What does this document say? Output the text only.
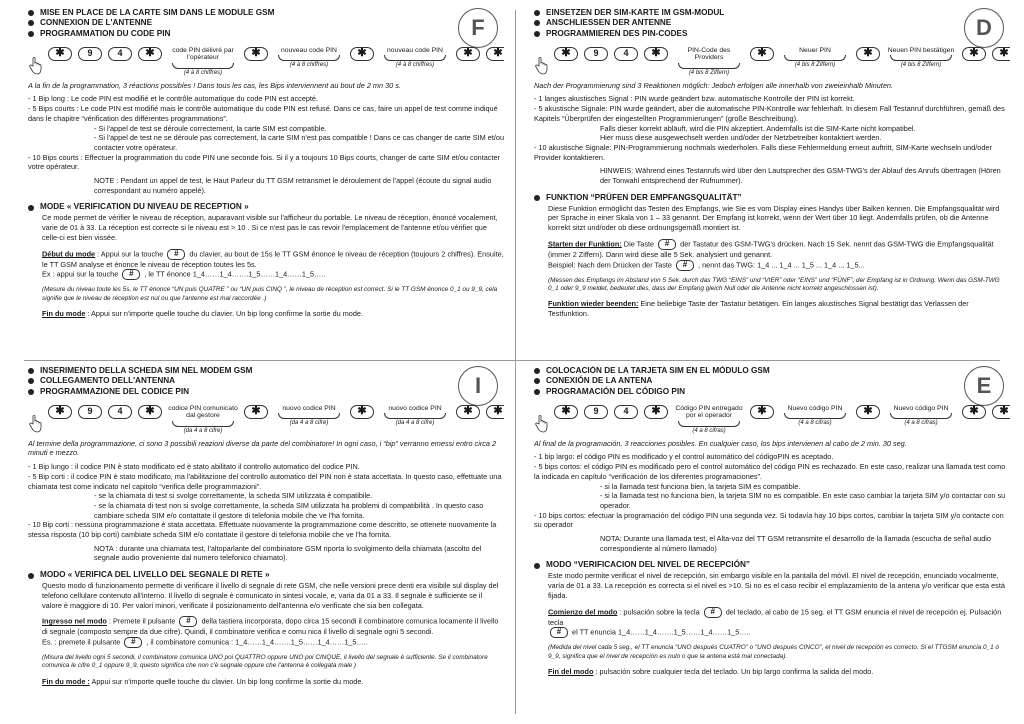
F
MISE EN PLACE DE LA CARTE SIM DANS LE MODULE GSM
CONNEXION DE L'ANTENNE
PROGRAMMATION DU CODE PIN
✱	9	4	✱	code PIN délivré par l'opérateur
(4 à 8 chiffres)
✱	nouveau code PIN
(4 à 8 chiffres)
✱	nouveau code PIN
(4 à 8 chiffres)
✱	✱

A la fin de la programmation, 3 réactions possibles ! Dans tous les cas, les Bips interviennent au bout de 2 mn 30 s.

- 1 Bip long : Le code PIN est modifié et le contrôle automatique du code PIN est accepté.

- 5 Bips courts : Le code PIN est modifié mais le contrôle automatique du code PIN est refusé. Dans ce cas, faire un appel de test comme indiqué dans le chapitre “vérification des différentes programmations”.

- Si l'appel de test se déroule correctement, la carte SIM est compatible.

- Si l'appel de test ne se déroule pas correctement, la carte SIM n'est pas compatible ! Dans ce cas changer de carte SIM et/ou contacter votre opérateur.

- 10 Bips courts : Effectuer la programmation du code PIN une seconde fois. Si il y a toujours 10 Bips courts, changer de carte SIM et/ou contacter votre opérateur.

NOTE : Pendant un appel de test, le Haut Parleur du TT GSM retransmet le déroulement de l'appel (écoute du signal audio correspondant au numéro appelé).

MODE « VERIFICATION DU NIVEAU DE RECEPTION »

Ce mode permet de vérifier le niveau de réception, auparavant visible sur l'afficheur du portable. Le niveau de réception, énoncé vocalement, varie de 01 à 33. La réception est correcte si le niveau est > 10 . Si ce n'est pas le cas revoir l'emplacement de l'antenne et/ou vérifier que celle-ci est bien vissée.

Début du mode : Appui sur la touche # du clavier, au bout de 15s le TT GSM énonce le niveau de réception (toujours 2 chiffres). Ensuite, le TT GSM analyse et énonce le niveau de réception toutes les 5s.

Ex : appui sur la touche # , le TT énonce 1_4……1_4…….1_5……1_4……1_5…..

(Mesure du niveau toute les 5s, le TT énonce “UN puis QUATRE ” ou “UN puis CINQ ”, le niveau de réception est correct. Si le TT GSM énonce 0_1 ou 9_9, cela signifie que le niveau de réception est nul ou que l'antenne est mal raccordée .)

Fin du mode : Appui sur n'importe quelle touche du clavier. Un bip long confirme la sortie du mode.

D
EINSETZEN DER SIM-KARTE IM GSM-MODUL
ANSCHLIESSEN DER ANTENNE
PROGRAMMIEREN DES PIN-CODES
✱	9	4	✱	PIN-Code des Providers
(4 bis 8 Ziffern)
✱	Neuer PIN
(4 bis 8 Ziffern)
✱	Neuen PIN bestätigen
(4 bis 8 Ziffern)
✱	✱

Nach der Programmierung sind 3 Reaktionen möglich: Jedoch erfolgen alle innerhalb von zweieinhalb Minuten.

- 1 langes akustisches Signal : PIN wurde geändert bzw. automatische Kontrolle der PIN ist korrekt.

- 5 akustische Signale: PIN wurde geändert, aber die automatische PIN-Kontrolle war fehlerhaft. In diesem Fall Testanruf durchführen, gemäß des Kapitels “Überprüfen der eingestellten Programmierungen” (große Beschreibung).

Falls dieser korrekt abläuft, wird die PIN akzeptiert. Andernfalls ist die SIM-Karte nicht kompatibel.

Hier muss diese ausgewechselt werden und/oder der Netzbetreiber kontaktiert werden.

- 10 akustische Signale: PIN-Programmierung nochmals wiederholen. Falls diese Fehlermeldung erneut auftritt, SIM-Karte wechseln und/oder Provider kontaktieren.

HINWEIS: Während eines Testanrufs wird über den Lautsprecher des GSM-TWG's der Ablauf des Anrufs übertragen (Hören der Tonwahl entsprechend der Rufnummer).

FUNKTION “PRÜFEN DER EMPFANGSQUALITÄT”

Diese Funktion ermöglicht das Testen des Empfangs, wie Sie es vom Display eines Handys über Balken kennen. Die Empfangsqualität wird per Sprache in einer Skala von 1 – 33 genannt. Der Empfang ist korrekt, wenn der Wert über 10 liegt. Andernfalls prüfen, ob die Antenne korrekt sitzt und/oder ob diese ordnungsgemäß montiert ist.

Starten der Funktion: Die Taste # der Tastatur des GSM-TWG's drücken. Nach 15 Sek. nennt das GSM-TWG die Empfangsqualität (immer 2 Ziffern). Dann wird diese alle 5 Sek. analysiert und genannt.

Beispiel: Nach dem Drücken der Taste # , nennt das TWG: 1_4 ... 1_4 ... 1_5 ... 1_4 ... 1_5...

(Messen des Empfangs im Abstand von 5 Sek. durch das TWG “EINS” und “VIER” oder “EINS” und “FÜNF”, der Empfang ist in Ordnung. Wenn das GSM-TWG 0_1 oder 9_9 meldet, bedeutet dies, dass der Empfang gleich Null oder die Antenne nicht korrekt angeschlossen ist).

Funktion wieder beenden: Eine beliebige Taste der Tastatur betätigen. Ein langes akustisches Signal bestätigt das Verlassen der Testfunktion.

I
INSERIMENTO DELLA SCHEDA SIM NEL MODEM GSM
COLLEGAMENTO DELL'ANTENNA
PROGRAMMAZIONE DEL CODICE PIN
✱	9	4	✱	codice PIN comunicato dal gestore
(da 4 a 8 cifre)
✱	nuovo codice PIN
(da 4 a 8 cifre)
✱	nuovo codice PIN
(da 4 a 8 cifre)
✱	✱

Al termine della programmazione, ci sono 3 possibili reazioni diverse da parte del combinatore! In ogni caso, i “bip” verranno emessi entro circa 2 minuti e mezzo.

- 1 Bip lungo : il codice PIN è stato modificato ed è stato abilitato il controllo automatico del codice PIN.

- 5 Bip corti : il codice PIN è stato modificato, ma l'abilitazione del controllo automatico del PIN non è stata accettata. In questo caso, effettuate una chiamata test come indicato nel capitolo “verifica delle programmazioni”.

- se la chiamata di test si svolge correttamente, la scheda SIM utilizzata è compatibile.

- se la chiamata di test non si svolge correttamente, la scheda SIM utilizzata ha problemi di compatibilità . In questo caso cambiare scheda SIM e/o contattate il gestore di telefonia mobile che ve l'ha fornita.

- 10 Bip corti : nessuna programmazione è stata accettata. Effettuate nuovamente la programmazione come descritto, se ottenete nuovamente la stessa risposta (10 bip corti) cambiate scheda SIM e/o contattate il gestore di telefonia mobile che ve l'ha fornita.

NOTA : durante una chiamata test, l'altoparlante del combinatore GSM riporta lo svolgimento della chiamata (ascolto del segnale audio proveniente dal numero telefonico chiamato).

MODO « VERIFICA DEL LIVELLO DEL SEGNALE DI RETE »

Questo modo di funzionamento permette di verificare il livello di segnale di rete GSM, che nelle versioni prece denti era visibile sul display del telefono cellulare contenuto all'interno. Il livello di segnale è comunicato in sintesi vocale, e, varia da 01 a 33. Il segnale è sufficiente se il valore è maggiore di 10. Per valori minori, verificate il posizionamento dell'antenna e/o verificate che sia ben collegata.

Ingresso nel modo : Premete il pulsante # della tastiera incorporata, dopo circa 15 secondi il combinatore comunica locamente il livello di segnale (composto sempre da due cifre). Quindi, il combinatore verifica e comu nica il livello di segnale ogni 5 secondi.

Es. : premete il pulsante # , il combinatore comunica : 1_4……1_4…….1_5……1_4……1_5…..

(Misura del livello ogni 5 secondi, il combinatore comunica UNO poi QUATTRO oppure UNO poi CINQUE, il livello del segnale è sufficiente. Se il combinatore comunica le cifre 0_1 oppure 9_9, questo significa che non c'è segnale oppure che l'antenna è collegata male )

Fin du mode : Appui sur n'importe quelle touche du clavier. Un bip long confirme la sortie du mode.

E
COLOCACIÓN DE LA TARJETA SIM EN EL MÓDULO GSM
CONEXIÓN DE LA ANTENA
PROGRAMACIÓN DEL CÓDIGO PIN
✱	9	4	✱	Código PIN entregado por el operador
(4 a 8 cifras)
✱	Nuevo código PIN
(4 a 8 cifras)
✱	Nuevo código PIN
(4 a 8 cifras)
✱	✱

Al final de la programación, 3 reacciones posibles. En cualquier caso, los bips intervienen al cabo de 2 min. 30 seg.

- 1 bip largo: el código PIN es modificado y el control automático del códigoPIN es aceptado.

- 5 bips cortos: el código PIN es modificado pero el control automático del código PIN es rechazado. En este caso, realizar una llamada test como la indicada en capítulo “verificación de los diferentes programaciones”.

- si la llamada test funciona bien, la tarjeta SIM es compatible.

- si la llamada test no funciona bien, la tarjeta SIM no es compatible. En este caso cambiar la tarjeta SIM y/o contactar con su operador.

- 10 bips cortos: efectuar la programación del código PIN una segunda vez. Si todavía hay 10 bips cortos, cambiar la tarjeta SIM y/o contacte con su operador

NOTA: Durante una llamada test, el Alta-voz del TT GSM retransmite el desarrollo de la llamada (escucha de señal audio correspondiente al número llamado)

MODO “VERIFICACION DEL NIVEL DE RECEPCIÓN”

Este modo permite verificar el nivel de recepción, sin embargo visible en la pantalla del móvil. El nivel de recepción, enunciado vocalmente, varía de 01 a 33. La recepción es correcta si el nivel es >10. Si no es el caso recibir el emplazamiento de la antena y/o verificar que esta está fijada.

Comienzo del modo : pulsación sobre la tecla # del teclado, al cabo de 15 seg. el TT GSM enuncia el nivel de recepción ej. Pulsación tecla

# el TT enuncia 1_4……1_4…….1_5……1_4……1_5…..

(Medida del nivel cada 5 seg., el TT enuncia “UNO después CUATRO” o “UNO después CINCO”, el nivel de recepción es correcto. Si el TTGSM enuncia 0_1 ó 9_9, significa que el nivel de recepción es nulo o que la antena está mal conectada).

Fin del modo : pulsación sobre cualquier tecla del teclado. Un bip largo confirma la salida del modo.
